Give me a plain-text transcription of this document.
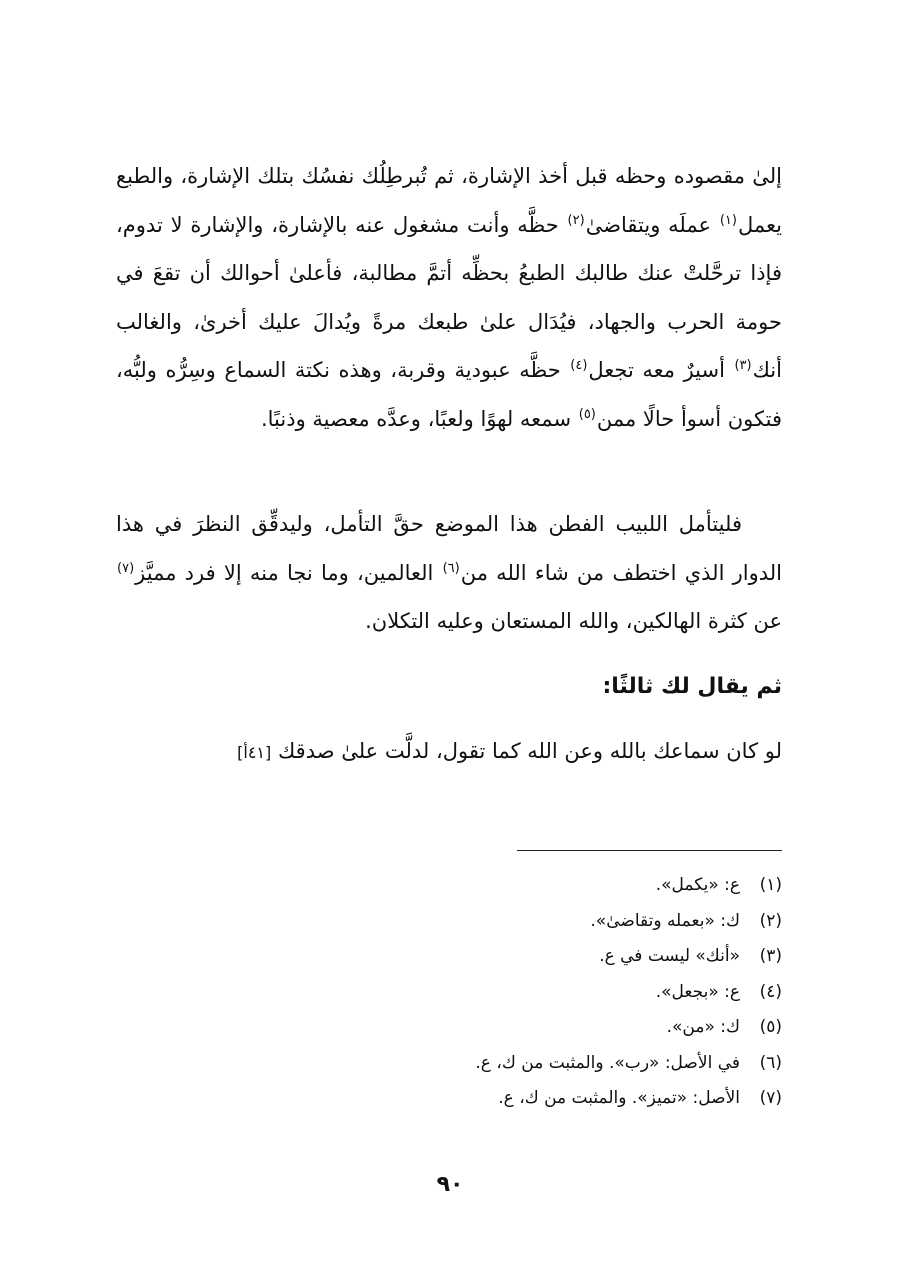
إلىٰ مقصوده وحظه قبل أخذ الإشارة، ثم تُبرطِلُك نفسُك بتلك الإشارة، والطبع يعمل$^{(١)}$ عملَه ويتقاضىٰ$^{(٢)}$ حظَّه وأنت مشغول عنه بالإشارة، والإشارة لا تدوم، فإذا ترحَّلتْ عنك طالبك الطبعُ بحظِّه أتمَّ مطالبة، فأعلىٰ أحوالك أن تقعَ في حومة الحرب والجهاد، فيُدَال علىٰ طبعك مرةً ويُدالَ عليك أخرىٰ، والغالب أنك$^{(٣)}$ أسيرٌ معه تجعل$^{(٤)}$ حظَّه عبودية وقربة، وهذه نكتة السماع وسِرُّه ولبُّه، فتكون أسوأ حالًا ممن$^{(٥)}$ سمعه لهوًا ولعبًا، وعدَّه معصية وذنبًا.

فليتأمل اللبيب الفطن هذا الموضع حقَّ التأمل، وليدقِّق النظرَ في هذا الدوار الذي اختطف من شاء الله من$^{(٦)}$ العالمين، وما نجا منه إلا فرد مميَّز$^{(٧)}$ عن كثرة الهالكين، والله المستعان وعليه التكلان.

ثم يقال لك ثالثًا:

لو كان سماعك بالله وعن الله كما تقول، لدلَّت علىٰ صدقك [٤١أ]

(١)ع: «يكمل».
(٢)ك: «بعمله وتقاضىٰ».
(٣)«أنك» ليست في ع.
(٤)ع: «بجعل».
(٥)ك: «من».
(٦)في الأصل: «رب». والمثبت من ك، ع.
(٧)الأصل: «تميز». والمثبت من ك، ع.
٩٠
